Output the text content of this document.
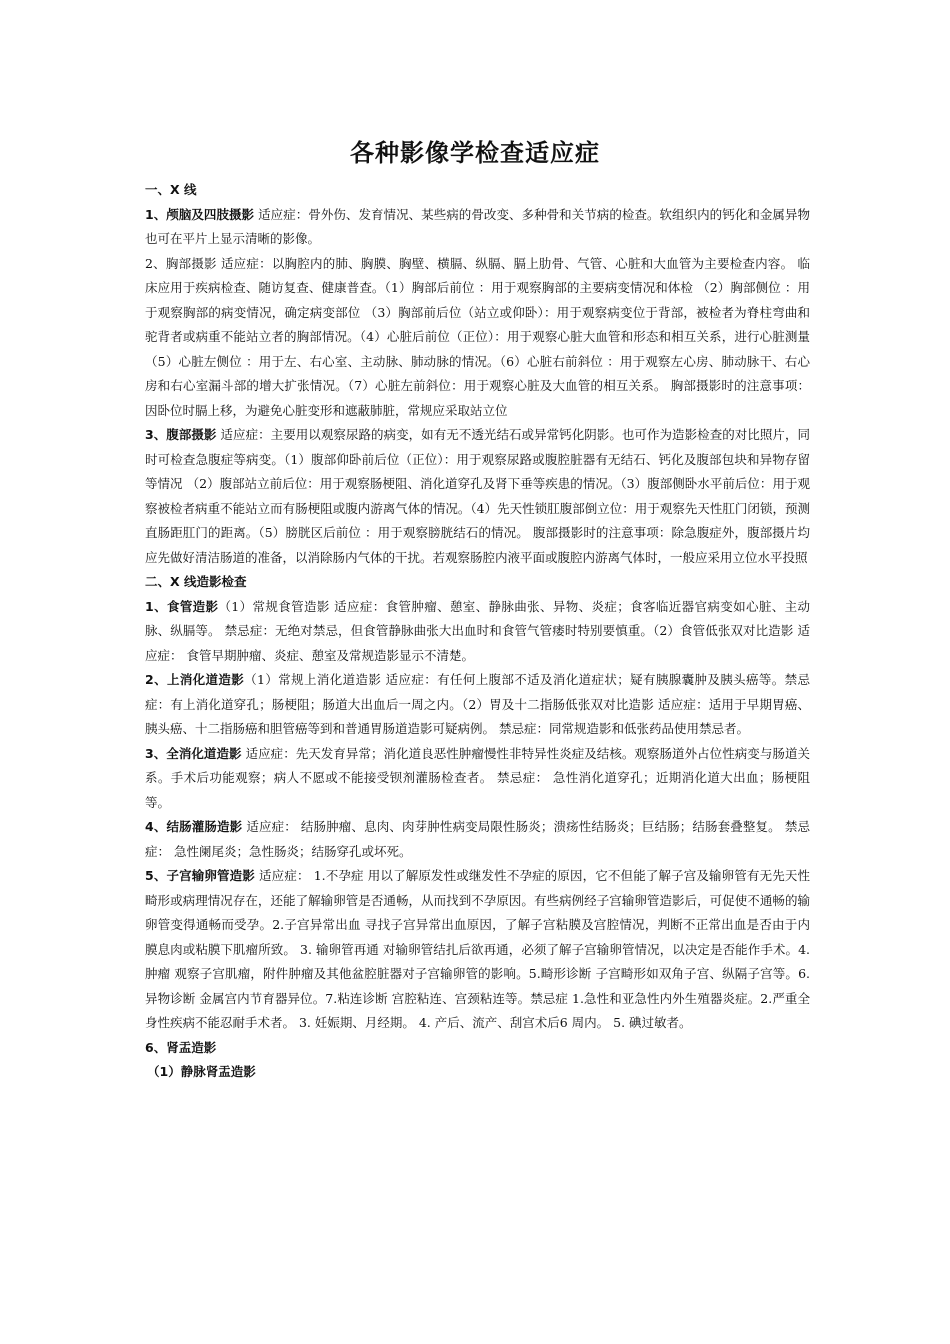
各种影像学检查适应症

一、X 线

1、颅脑及四肢摄影 适应症：骨外伤、发育情况、某些病的骨改变、多种骨和关节病的检查。软组织内的钙化和金属异物也可在平片上显示清晰的影像。

2、胸部摄影 适应症：以胸腔内的肺、胸膜、胸壁、横膈、纵膈、膈上肋骨、气管、心脏和大血管为主要检查内容。 临床应用于疾病检查、随访复查、健康普查。（1）胸部后前位 ：用于观察胸部的主要病变情况和体检 （2）胸部侧位 ：用于观察胸部的病变情况，确定病变部位 （3）胸部前后位（站立或仰卧）：用于观察病变位于背部，被检者为脊柱弯曲和驼背者或病重不能站立者的胸部情况。（4）心脏后前位（正位）：用于观察心脏大血管和形态和相互关系，进行心脏测量 （5）心脏左侧位 ：用于左、右心室、主动脉、肺动脉的情况。（6）心脏右前斜位 ：用于观察左心房、肺动脉干、右心房和右心室漏斗部的增大扩张情况。（7）心脏左前斜位：用于观察心脏及大血管的相互关系。 胸部摄影时的注意事项：因卧位时膈上移，为避免心脏变形和遮蔽肺脏，常规应采取站立位

3、腹部摄影 适应症：主要用以观察尿路的病变，如有无不透光结石或异常钙化阴影。也可作为造影检查的对比照片，同时可检查急腹症等病变。（1）腹部仰卧前后位（正位）：用于观察尿路或腹腔脏器有无结石、钙化及腹部包块和异物存留等情况 （2）腹部站立前后位：用于观察肠梗阻、消化道穿孔及肾下垂等疾患的情况。（3）腹部侧卧水平前后位：用于观察被检者病重不能站立而有肠梗阻或腹内游离气体的情况。（4）先天性锁肛腹部倒立位：用于观察先天性肛门闭锁，预测直肠距肛门的距离。（5）膀胱区后前位 ：用于观察膀胱结石的情况。 腹部摄影时的注意事项：除急腹症外，腹部摄片均应先做好清洁肠道的准备，以消除肠内气体的干扰。若观察肠腔内液平面或腹腔内游离气体时，一般应采用立位水平投照

二、X 线造影检查

1、食管造影（1）常规食管造影 适应症：食管肿瘤、憩室、静脉曲张、异物、炎症；食客临近器官病变如心脏、主动脉、纵膈等。 禁忌症：无绝对禁忌，但食管静脉曲张大出血时和食管气管瘘时特别要慎重。（2）食管低张双对比造影 适应症： 食管早期肿瘤、炎症、憩室及常规造影显示不清楚。

2、上消化道造影（1）常规上消化道造影 适应症：有任何上腹部不适及消化道症状；疑有胰腺囊肿及胰头癌等。禁忌症：有上消化道穿孔；肠梗阻；肠道大出血后一周之内。（2）胃及十二指肠低张双对比造影 适应症：适用于早期胃癌、胰头癌、十二指肠癌和胆管癌等到和普通胃肠道造影可疑病例。 禁忌症：同常规造影和低张药品使用禁忌者。

3、全消化道造影 适应症：先天发育异常；消化道良恶性肿瘤慢性非特异性炎症及结核。观察肠道外占位性病变与肠道关系。手术后功能观察；病人不愿或不能接受钡剂灌肠检查者。 禁忌症： 急性消化道穿孔；近期消化道大出血；肠梗阻等。

4、结肠灌肠造影 适应症： 结肠肿瘤、息肉、肉芽肿性病变局限性肠炎；溃疡性结肠炎；巨结肠；结肠套叠整复。 禁忌症： 急性阑尾炎；急性肠炎；结肠穿孔或坏死。

5、子宫输卵管造影 适应症： 1.不孕症 用以了解原发性或继发性不孕症的原因，它不但能了解子宫及输卵管有无先天性畸形或病理情况存在，还能了解输卵管是否通畅，从而找到不孕原因。有些病例经子宫输卵管造影后，可促使不通畅的输卵管变得通畅而受孕。2.子宫异常出血 寻找子宫异常出血原因，了解子宫粘膜及宫腔情况，判断不正常出血是否由于内膜息肉或粘膜下肌瘤所致。 3. 输卵管再通 对输卵管结扎后欲再通，必须了解子宫输卵管情况，以决定是否能作手术。4.肿瘤 观察子宫肌瘤，附件肿瘤及其他盆腔脏器对子宫输卵管的影响。5.畸形诊断 子宫畸形如双角子宫、纵隔子宫等。6.异物诊断 金属宫内节育器异位。7.粘连诊断 宫腔粘连、宫颈粘连等。禁忌症 1.急性和亚急性内外生殖器炎症。2.严重全身性疾病不能忍耐手术者。 3. 妊娠期、月经期。 4. 产后、流产、刮宫术后6 周内。 5. 碘过敏者。

6、肾盂造影

（1）静脉肾盂造影
